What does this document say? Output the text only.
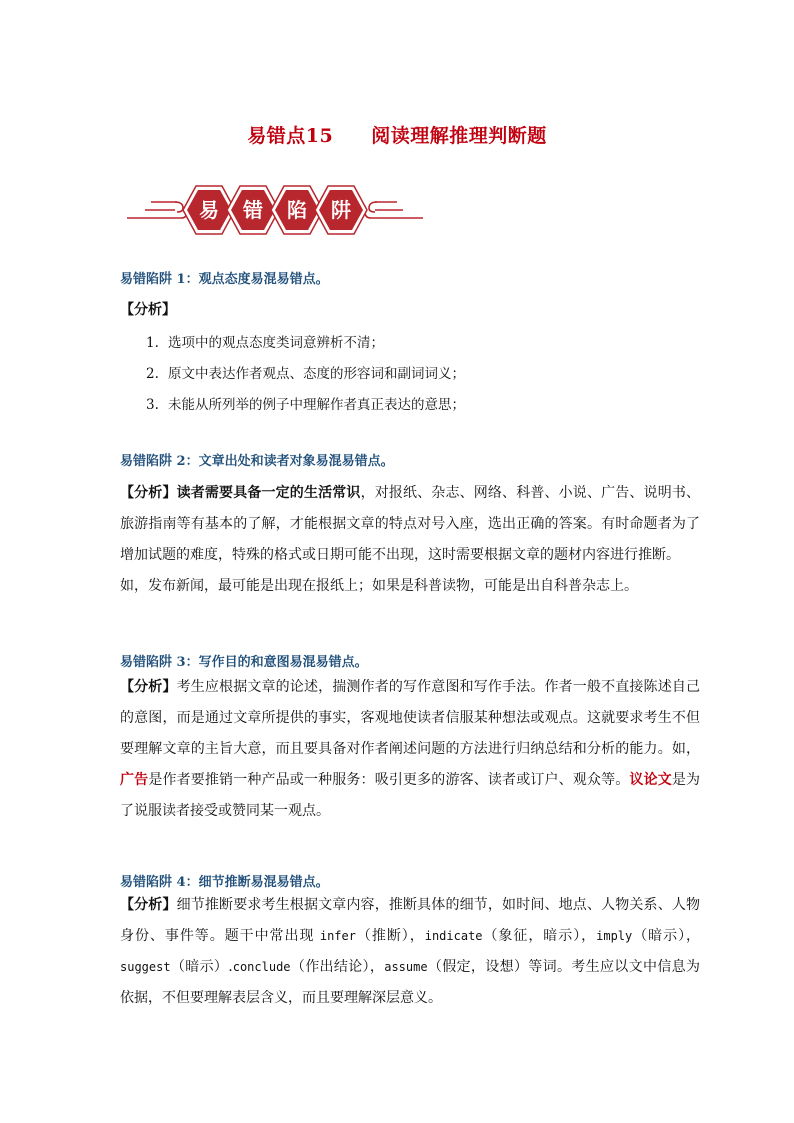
易错点15 阅读理解推理判断题
易 错 陷 阱
易错陷阱 1：观点态度易混易错点。
【分析】
1. 选项中的观点态度类词意辨析不清；
2. 原文中表达作者观点、态度的形容词和副词词义；
3. 未能从所列举的例子中理解作者真正表达的意思；
易错陷阱 2：文章出处和读者对象易混易错点。

【分析】读者需要具备一定的生活常识，对报纸、杂志、网络、科普、小说、广告、说明书、旅游指南等有基本的了解，才能根据文章的特点对号入座，选出正确的答案。有时命题者为了增加试题的难度，特殊的格式或日期可能不出现，这时需要根据文章的题材内容进行推断。

如，发布新闻，最可能是出现在报纸上；如果是科普读物，可能是出自科普杂志上。

易错陷阱 3：写作目的和意图易混易错点。

【分析】考生应根据文章的论述，揣测作者的写作意图和写作手法。作者一般不直接陈述自己的意图，而是通过文章所提供的事实，客观地使读者信服某种想法或观点。这就要求考生不但要理解文章的主旨大意，而且要具备对作者阐述问题的方法进行归纳总结和分析的能力。如，广告是作者要推销一种产品或一种服务：吸引更多的游客、读者或订户、观众等。议论文是为了说服读者接受或赞同某一观点。

易错陷阱 4：细节推断易混易错点。

【分析】细节推断要求考生根据文章内容，推断具体的细节，如时间、地点、人物关系、人物身份、事件等。题干中常出现 infer（推断），indicate（象征，暗示），imply（暗示），suggest（暗示）.conclude（作出结论），assume（假定，设想）等词。考生应以文中信息为依据，不但要理解表层含义，而且要理解深层意义。
